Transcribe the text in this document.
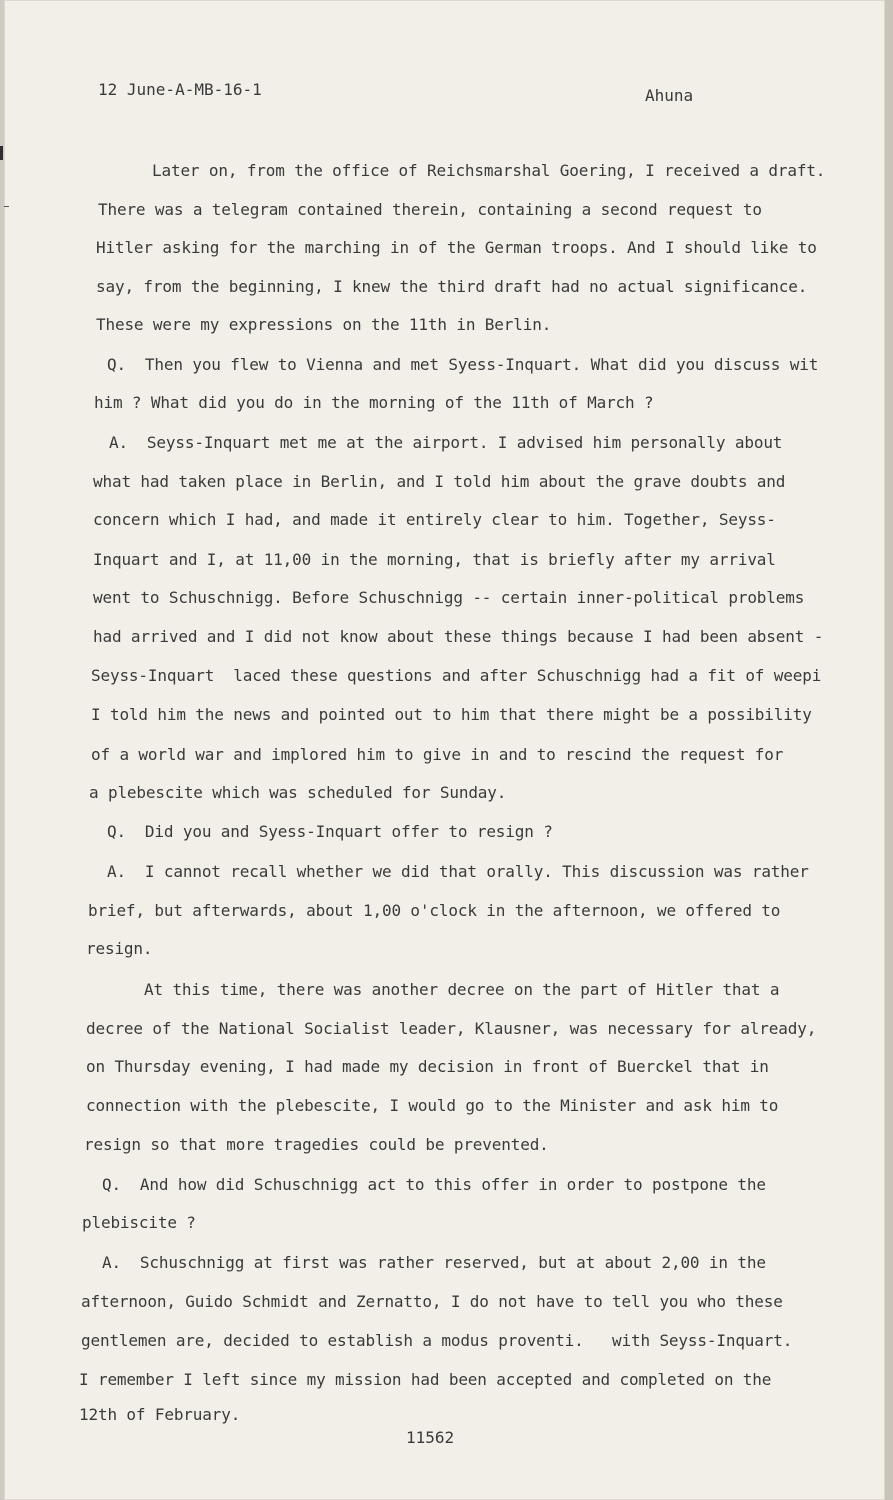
12 June-A-MB-16-1	Ahuna
Later on, from the office of Reichsmarshal Goering, I received a draft.
There was a telegram contained therein, containing a second request to
Hitler asking for the marching in of the German troops. And I should like to
say, from the beginning, I knew the third draft had no actual significance.
These were my expressions on the 11th in Berlin.
Q.  Then you flew to Vienna and met Syess-Inquart. What did you discuss wit
him ? What did you do in the morning of the 11th of March ?
A.  Seyss-Inquart met me at the airport. I advised him personally about
what had taken place in Berlin, and I told him about the grave doubts and
concern which I had, and made it entirely clear to him. Together, Seyss-
Inquart and I, at 11,00 in the morning, that is briefly after my arrival
went to Schuschnigg. Before Schuschnigg -- certain inner-political problems
had arrived and I did not know about these things because I had been absent -
Seyss-Inquart  laced these questions and after Schuschnigg had a fit of weepi
I told him the news and pointed out to him that there might be a possibility
of a world war and implored him to give in and to rescind the request for
a plebescite which was scheduled for Sunday.
Q.  Did you and Syess-Inquart offer to resign ?
A.  I cannot recall whether we did that orally. This discussion was rather
brief, but afterwards, about 1,00 o'clock in the afternoon, we offered to
resign.
At this time, there was another decree on the part of Hitler that a
decree of the National Socialist leader, Klausner, was necessary for already,
on Thursday evening, I had made my decision in front of Buerckel that in
connection with the plebescite, I would go to the Minister and ask him to
resign so that more tragedies could be prevented.
Q.  And how did Schuschnigg act to this offer in order to postpone the
plebiscite ?
A.  Schuschnigg at first was rather reserved, but at about 2,00 in the
afternoon, Guido Schmidt and Zernatto, I do not have to tell you who these
gentlemen are, decided to establish a modus proventi.   with Seyss-Inquart.
I remember I left since my mission had been accepted and completed on the
12th of February.
11562
